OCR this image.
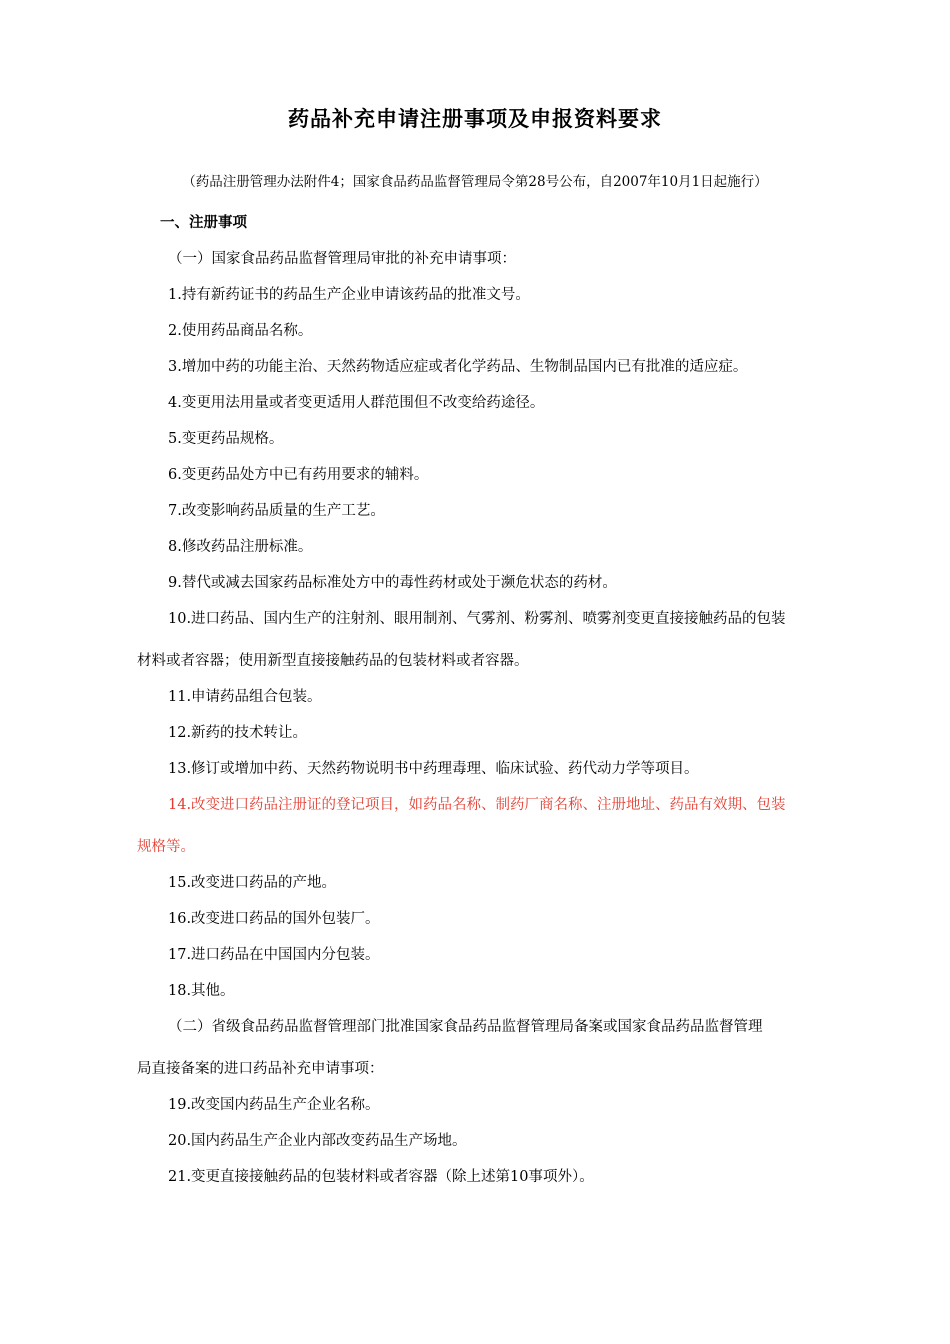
药品补充申请注册事项及申报资料要求
（药品注册管理办法附件4；国家食品药品监督管理局令第28号公布，自2007年10月1日起施行）
一、注册事项
（一）国家食品药品监督管理局审批的补充申请事项：
1.持有新药证书的药品生产企业申请该药品的批准文号。
2.使用药品商品名称。
3.增加中药的功能主治、天然药物适应症或者化学药品、生物制品国内已有批准的适应症。
4.变更用法用量或者变更适用人群范围但不改变给药途径。
5.变更药品规格。
6.变更药品处方中已有药用要求的辅料。
7.改变影响药品质量的生产工艺。
8.修改药品注册标准。
9.替代或减去国家药品标准处方中的毒性药材或处于濒危状态的药材。
10.进口药品、国内生产的注射剂、眼用制剂、气雾剂、粉雾剂、喷雾剂变更直接接触药品的包装
材料或者容器；使用新型直接接触药品的包装材料或者容器。
11.申请药品组合包装。
12.新药的技术转让。
13.修订或增加中药、天然药物说明书中药理毒理、临床试验、药代动力学等项目。
14.改变进口药品注册证的登记项目，如药品名称、制药厂商名称、注册地址、药品有效期、包装
规格等。
15.改变进口药品的产地。
16.改变进口药品的国外包装厂。
17.进口药品在中国国内分包装。
18.其他。
（二）省级食品药品监督管理部门批准国家食品药品监督管理局备案或国家食品药品监督管理
局直接备案的进口药品补充申请事项：
19.改变国内药品生产企业名称。
20.国内药品生产企业内部改变药品生产场地。
21.变更直接接触药品的包装材料或者容器（除上述第10事项外）。
